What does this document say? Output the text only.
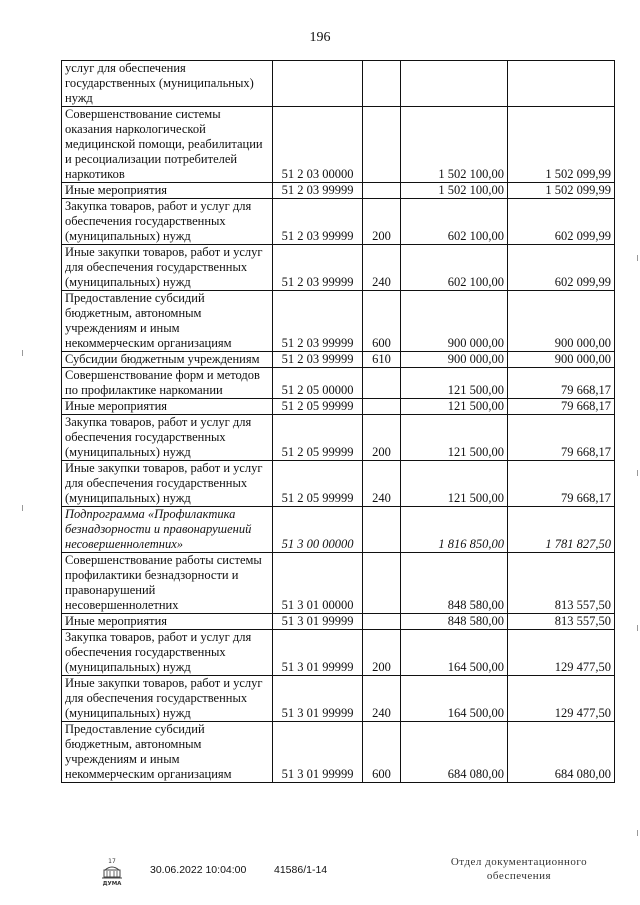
196
услуг для обеспечения государственных (муниципальных) нужд				
Совершенствование системы оказания наркологической медицинской помощи, реабилитации и ресоциализации потребителей наркотиков	51 2 03 00000		1 502 100,00	1 502 099,99
Иные мероприятия	51 2 03 99999		1 502 100,00	1 502 099,99
Закупка товаров, работ и услуг для обеспечения государственных (муниципальных) нужд	51 2 03 99999	200	602 100,00	602 099,99
Иные закупки товаров, работ и услуг для обеспечения государственных (муниципальных) нужд	51 2 03 99999	240	602 100,00	602 099,99
Предоставление субсидий бюджетным, автономным учреждениям и иным некоммерческим организациям	51 2 03 99999	600	900 000,00	900 000,00
Субсидии бюджетным учреждениям	51 2 03 99999	610	900 000,00	900 000,00
Совершенствование форм и методов по профилактике наркомании	51 2 05 00000		121 500,00	79 668,17
Иные мероприятия	51 2 05 99999		121 500,00	79 668,17
Закупка товаров, работ и услуг для обеспечения государственных (муниципальных) нужд	51 2 05 99999	200	121 500,00	79 668,17
Иные закупки товаров, работ и услуг для обеспечения государственных (муниципальных) нужд	51 2 05 99999	240	121 500,00	79 668,17
Подпрограмма «Профилактика безнадзорности и правонарушений несовершеннолетних»	51 3 00 00000		1 816 850,00	1 781 827,50
Совершенствование работы системы профилактики безнадзорности и правонарушений несовершеннолетних	51 3 01 00000		848 580,00	813 557,50
Иные мероприятия	51 3 01 99999		848 580,00	813 557,50
Закупка товаров, работ и услуг для обеспечения государственных (муниципальных) нужд	51 3 01 99999	200	164 500,00	129 477,50
Иные закупки товаров, работ и услуг для обеспечения государственных (муниципальных) нужд	51 3 01 99999	240	164 500,00	129 477,50
Предоставление субсидий бюджетным, автономным учреждениям и иным некоммерческим организациям	51 3 01 99999	600	684 080,00	684 080,00
17
ДУМА
30.06.2022 10:04:00	41586/1-14
Отдел документационного
обеспечения
